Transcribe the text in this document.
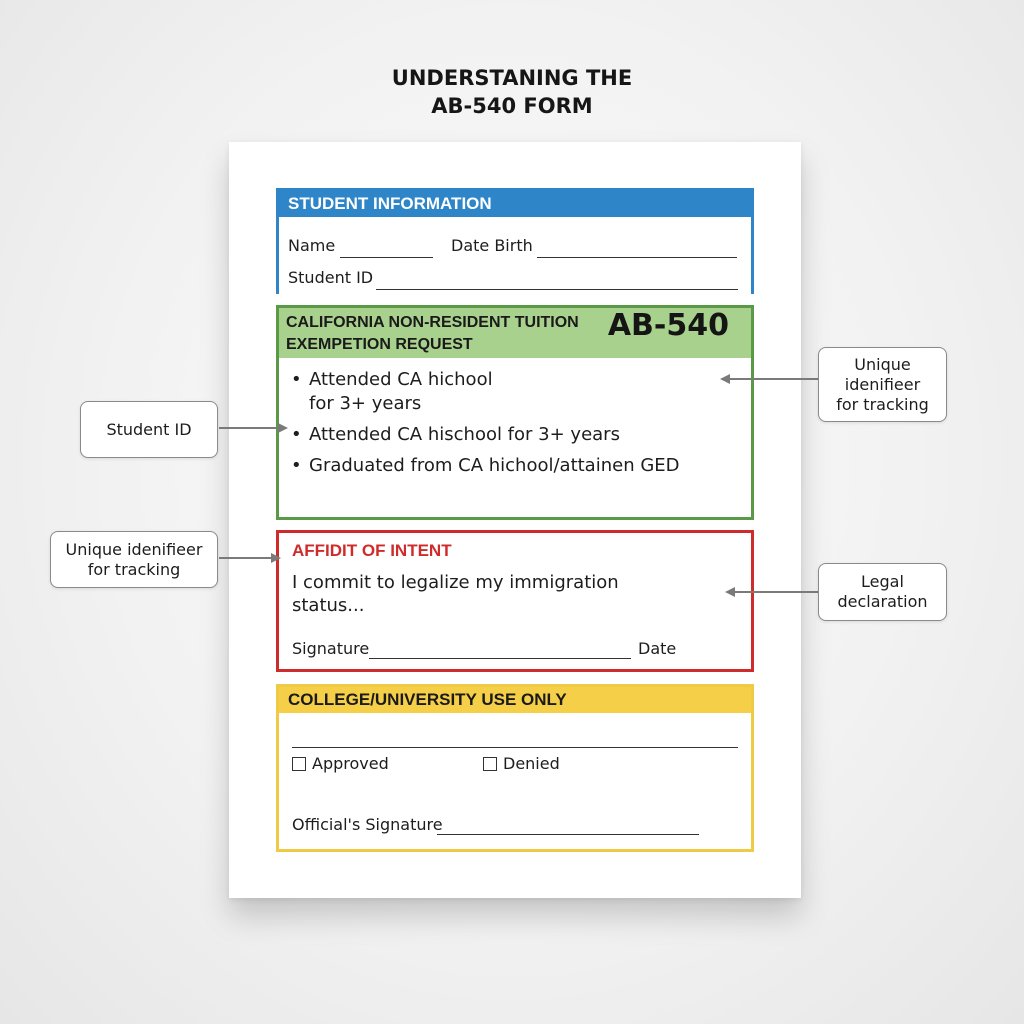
UNDERSTANING THE
AB-540 FORM
STUDENT INFORMATION
Name	Date Birth
Student ID
CALIFORNIA NON-RESIDENT TUITION
EXEMPETION REQUEST
AB-540
• Attended CA hichool
for 3+ years
• Attended CA hischool for 3+ years
• Graduated from CA hichool/attainen GED
AFFIDIT OF INTENT
I commit to legalize my immigration
status...
Signature	Date
COLLEGE/UNIVERSITY USE ONLY
Approved	Denied
Official's Signature
Unique
idenifieer
for tracking
Student ID
Unique idenifieer
for tracking
Legal
declaration
